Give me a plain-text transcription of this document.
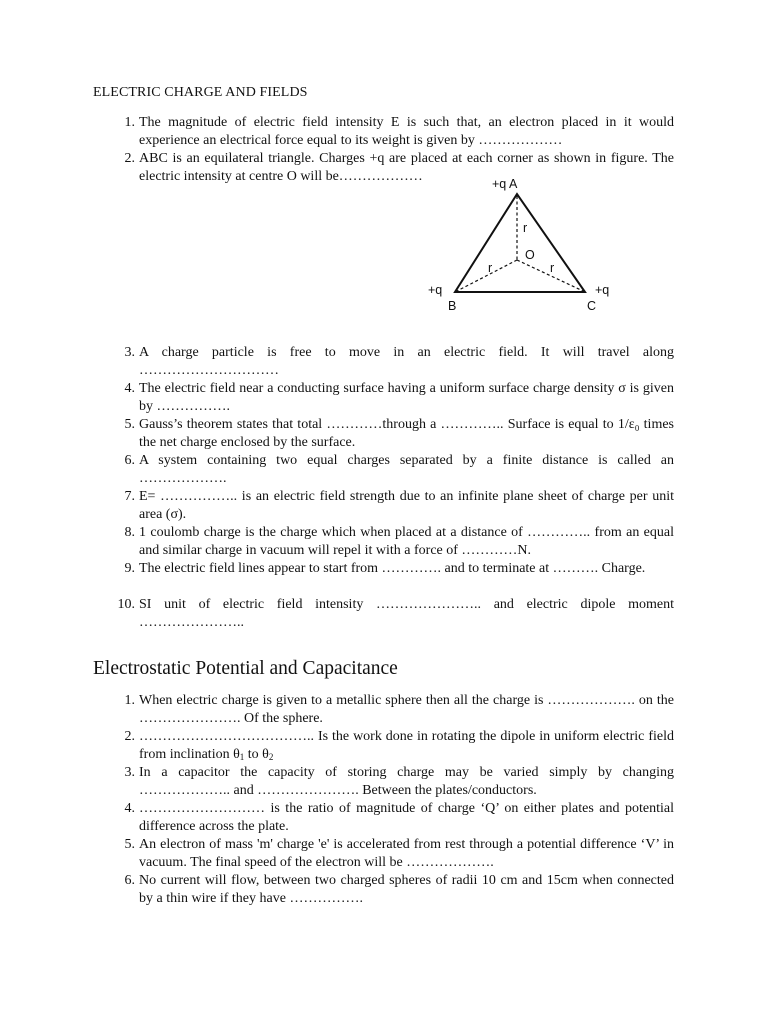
ELECTRIC CHARGE AND FIELDS
1. The magnitude of electric field intensity E is such that, an electron placed in it would experience an electrical force equal to its weight is given by ………………
2. ABC is an equilateral triangle. Charges +q are placed at each corner as shown in figure. The electric intensity at centre O will be………………
3. A charge particle is free to move in an electric field. It will travel along …………………………
4. The electric field near a conducting surface having a uniform surface charge density σ is given by …………….
5. Gauss’s theorem states that total …………through a ………….. Surface is equal to 1/ε₀ times the net charge enclosed by the surface.
6. A system containing two equal charges separated by a finite distance is called an ……………….
7. E= …………….. is an electric field strength due to an infinite plane sheet of charge per unit area (σ).
8. 1 coulomb charge is the charge which when placed at a distance of ………….. from an equal and similar charge in vacuum will repel it with a force of …………N.
9. The electric field lines appear to start from …………. and to terminate at ………. Charge.
10. SI unit of electric field intensity ………………….. and electric dipole moment …………………..
+q A
+q
B
+q
C
O
r
r	r
Electrostatic Potential and Capacitance
1. When electric charge is given to a metallic sphere then all the charge is ………………. on the …………………. Of the sphere.
2. ……………………………….. Is the work done in rotating the dipole in uniform electric field from inclination $\theta_1$ to $\theta_2$
3. In a capacitor the capacity of storing charge may be varied simply by changing ……………….. and …………………. Between the plates/conductors.
4. ……………………… is the ratio of magnitude of charge ‘Q’ on either plates and potential difference across the plate.
5. An electron of mass 'm' charge 'e' is accelerated from rest through a potential difference ‘V’ in vacuum. The final speed of the electron will be ……………….
6. No current will flow, between two charged spheres of radii 10 cm and 15cm when connected by a thin wire if they have …………….
